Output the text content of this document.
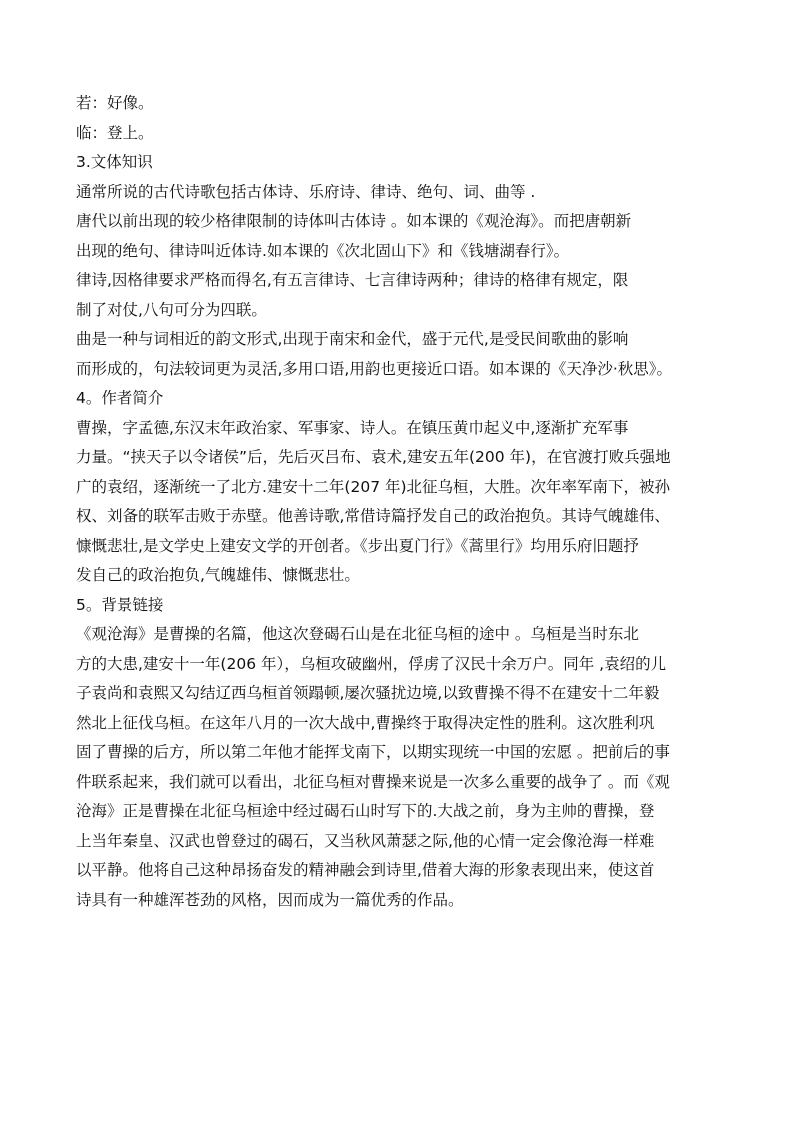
若：好像。

临：登上。

3.文体知识

通常所说的古代诗歌包括古体诗、乐府诗、律诗、绝句、词、曲等 .

唐代以前出现的较少格律限制的诗体叫古体诗 。如本课的《观沧海》。而把唐朝新

出现的绝句、律诗叫近体诗.如本课的《次北固山下》和《钱塘湖春行》。

律诗,因格律要求严格而得名,有五言律诗、七言律诗两种；律诗的格律有规定，限

制了对仗,八句可分为四联。

曲是一种与词相近的韵文形式,出现于南宋和金代，盛于元代,是受民间歌曲的影响

而形成的，句法较词更为灵活,多用口语,用韵也更接近口语。如本课的《天净沙·秋思》。

4。作者简介

曹操，字孟德,东汉末年政治家、军事家、诗人。在镇压黄巾起义中,逐渐扩充军事

力量。“挟天子以令诸侯”后，先后灭吕布、袁术,建安五年(200 年)，在官渡打败兵强地

广的袁绍，逐渐统一了北方.建安十二年(207 年)北征乌桓，大胜。次年率军南下，被孙

权、刘备的联军击败于赤壁。他善诗歌,常借诗篇抒发自己的政治抱负。其诗气魄雄伟、

慷慨悲壮,是文学史上建安文学的开创者。《步出夏门行》《蒿里行》均用乐府旧题抒

发自己的政治抱负,气魄雄伟、慷慨悲壮。

5。背景链接

《观沧海》是曹操的名篇，他这次登碣石山是在北征乌桓的途中 。乌桓是当时东北

方的大患,建安十一年(206 年），乌桓攻破幽州，俘虏了汉民十余万户。同年 ,袁绍的儿

子袁尚和袁熙又勾结辽西乌桓首领蹋顿,屡次骚扰边境,以致曹操不得不在建安十二年毅

然北上征伐乌桓。在这年八月的一次大战中,曹操终于取得决定性的胜利。这次胜利巩

固了曹操的后方，所以第二年他才能挥戈南下，以期实现统一中国的宏愿 。把前后的事

件联系起来，我们就可以看出，北征乌桓对曹操来说是一次多么重要的战争了 。而《观

沧海》正是曹操在北征乌桓途中经过碣石山时写下的.大战之前，身为主帅的曹操，登

上当年秦皇、汉武也曾登过的碣石，又当秋风萧瑟之际,他的心情一定会像沧海一样难

以平静。他将自己这种昂扬奋发的精神融会到诗里,借着大海的形象表现出来，使这首

诗具有一种雄浑苍劲的风格，因而成为一篇优秀的作品。
